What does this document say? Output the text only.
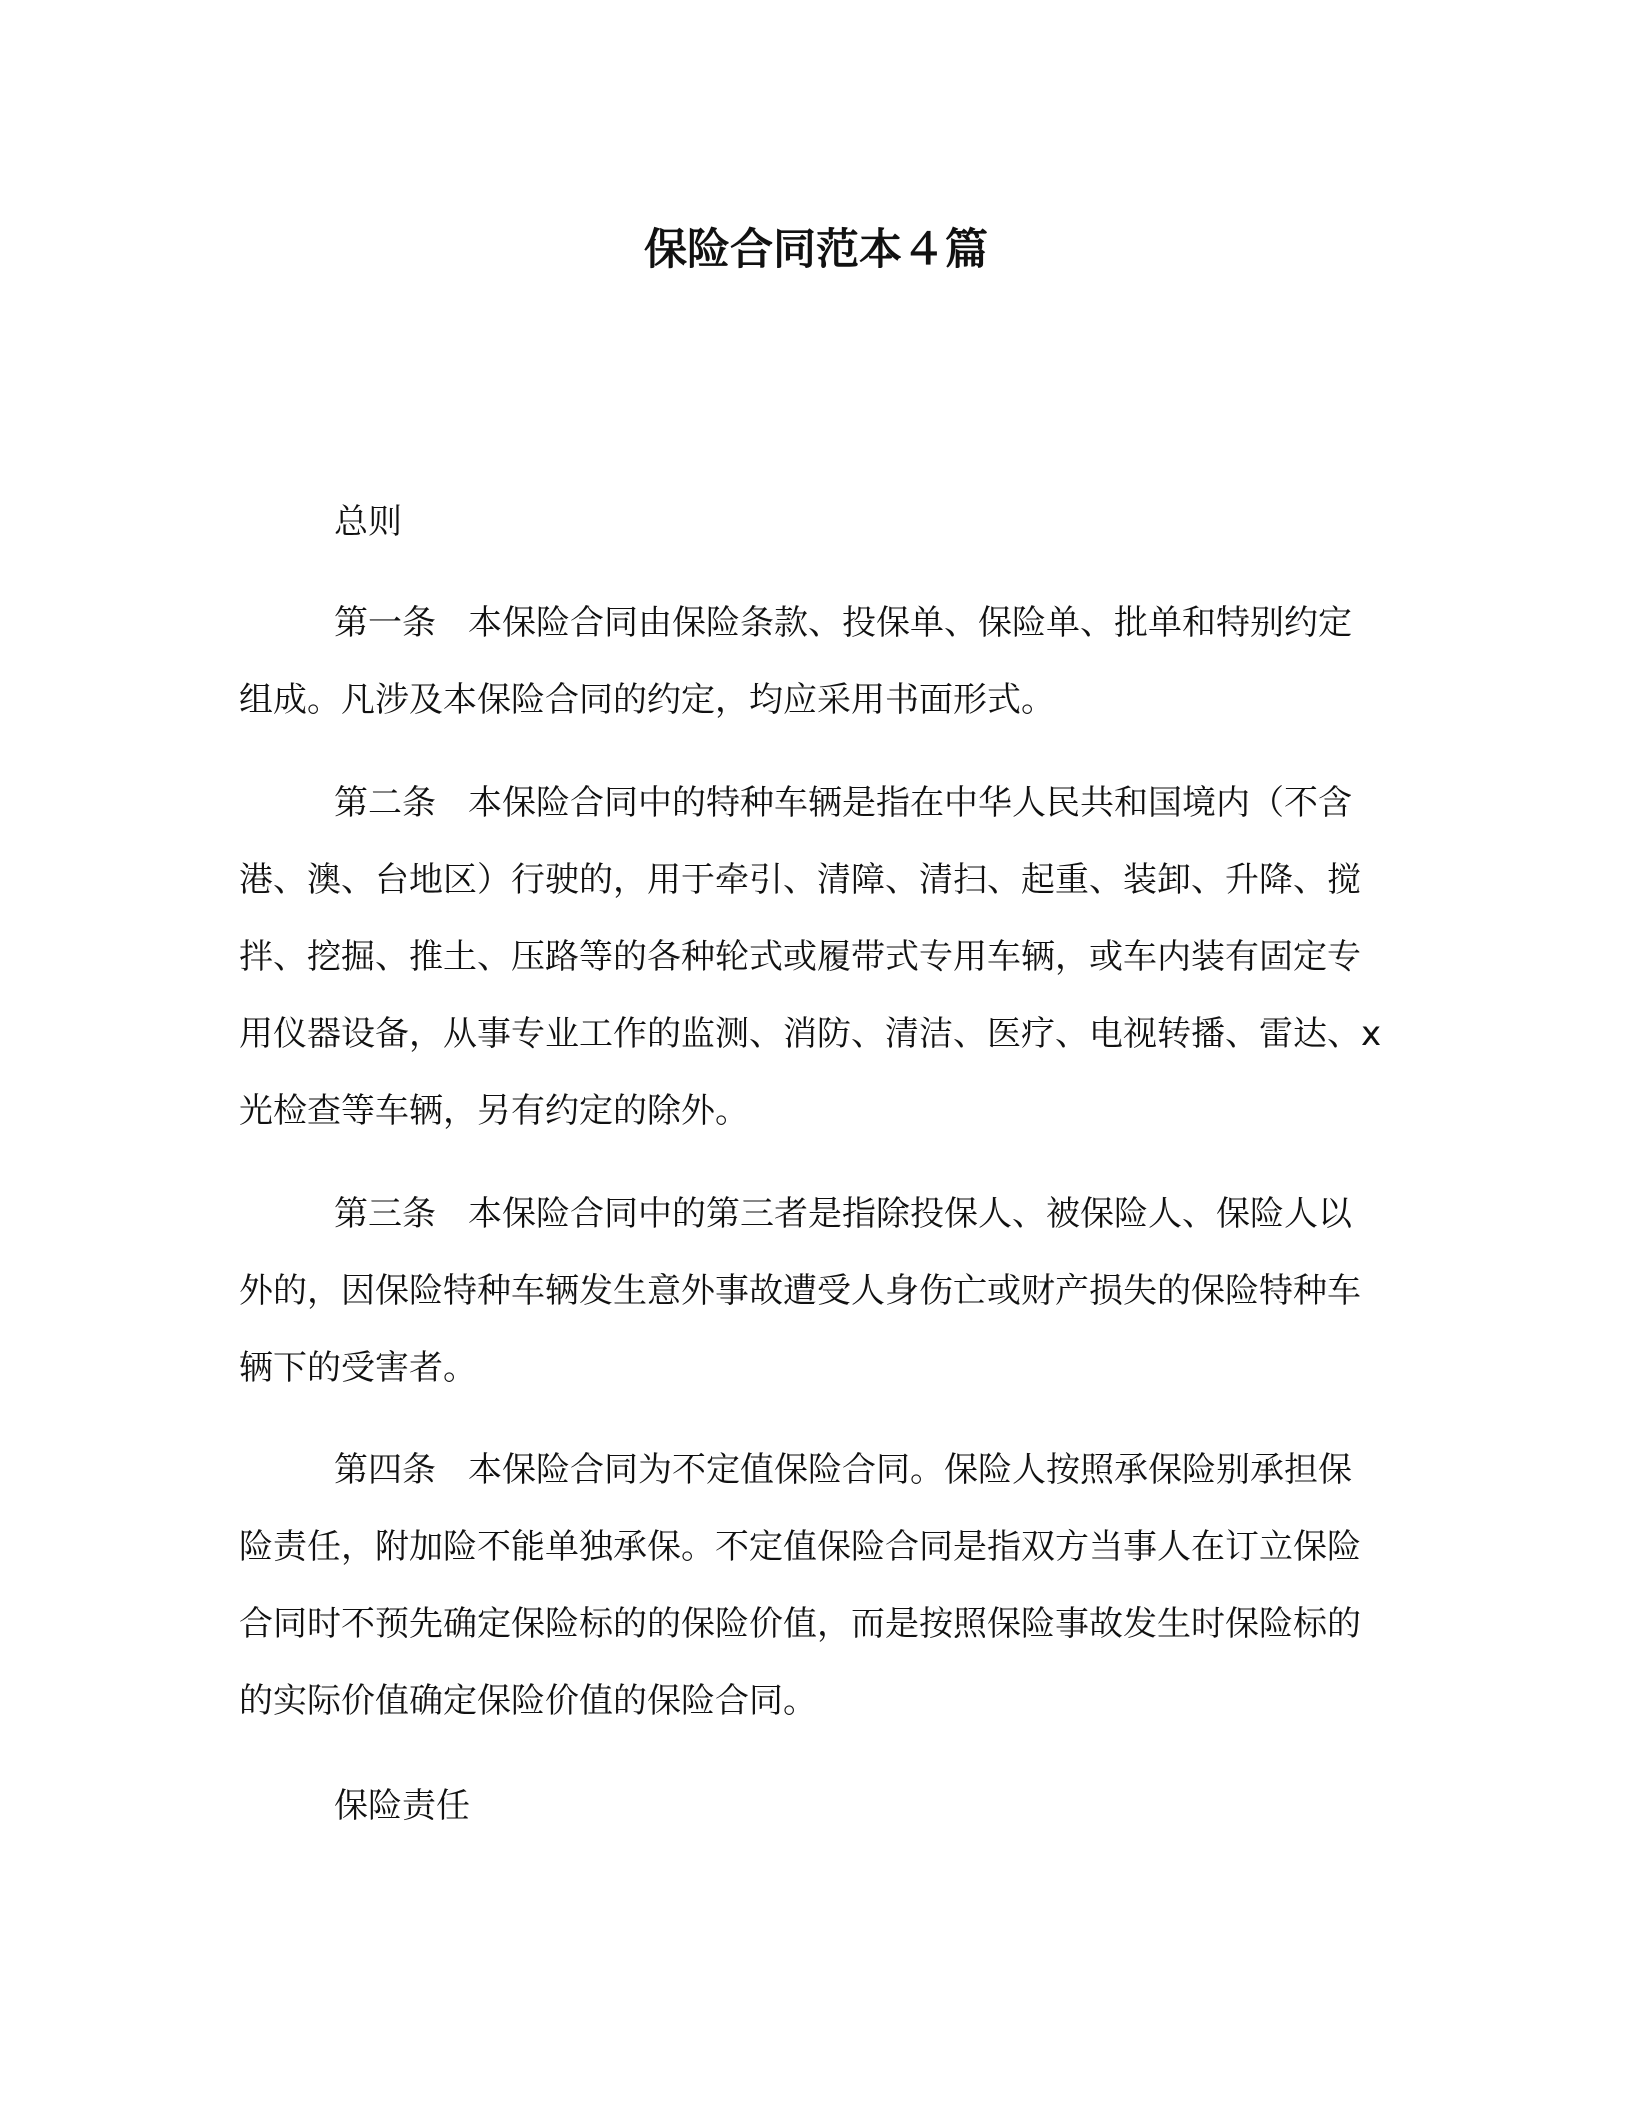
保险合同范本４篇

总则

第一条 本保险合同由保险条款、投保单、保险单、批单和特别约定组成。凡涉及本保险合同的约定，均应采用书面形式。

第二条 本保险合同中的特种车辆是指在中华人民共和国境内（不含港、澳、台地区）行驶的，用于牵引、清障、清扫、起重、装卸、升降、搅拌、挖掘、推土、压路等的各种轮式或履带式专用车辆，或车内装有固定专用仪器设备，从事专业工作的监测、消防、清洁、医疗、电视转播、雷达、x 光检查等车辆，另有约定的除外。

第三条 本保险合同中的第三者是指除投保人、被保险人、保险人以外的，因保险特种车辆发生意外事故遭受人身伤亡或财产损失的保险特种车辆下的受害者。

第四条 本保险合同为不定值保险合同。保险人按照承保险别承担保险责任，附加险不能单独承保。不定值保险合同是指双方当事人在订立保险合同时不预先确定保险标的的保险价值，而是按照保险事故发生时保险标的的实际价值确定保险价值的保险合同。

保险责任
